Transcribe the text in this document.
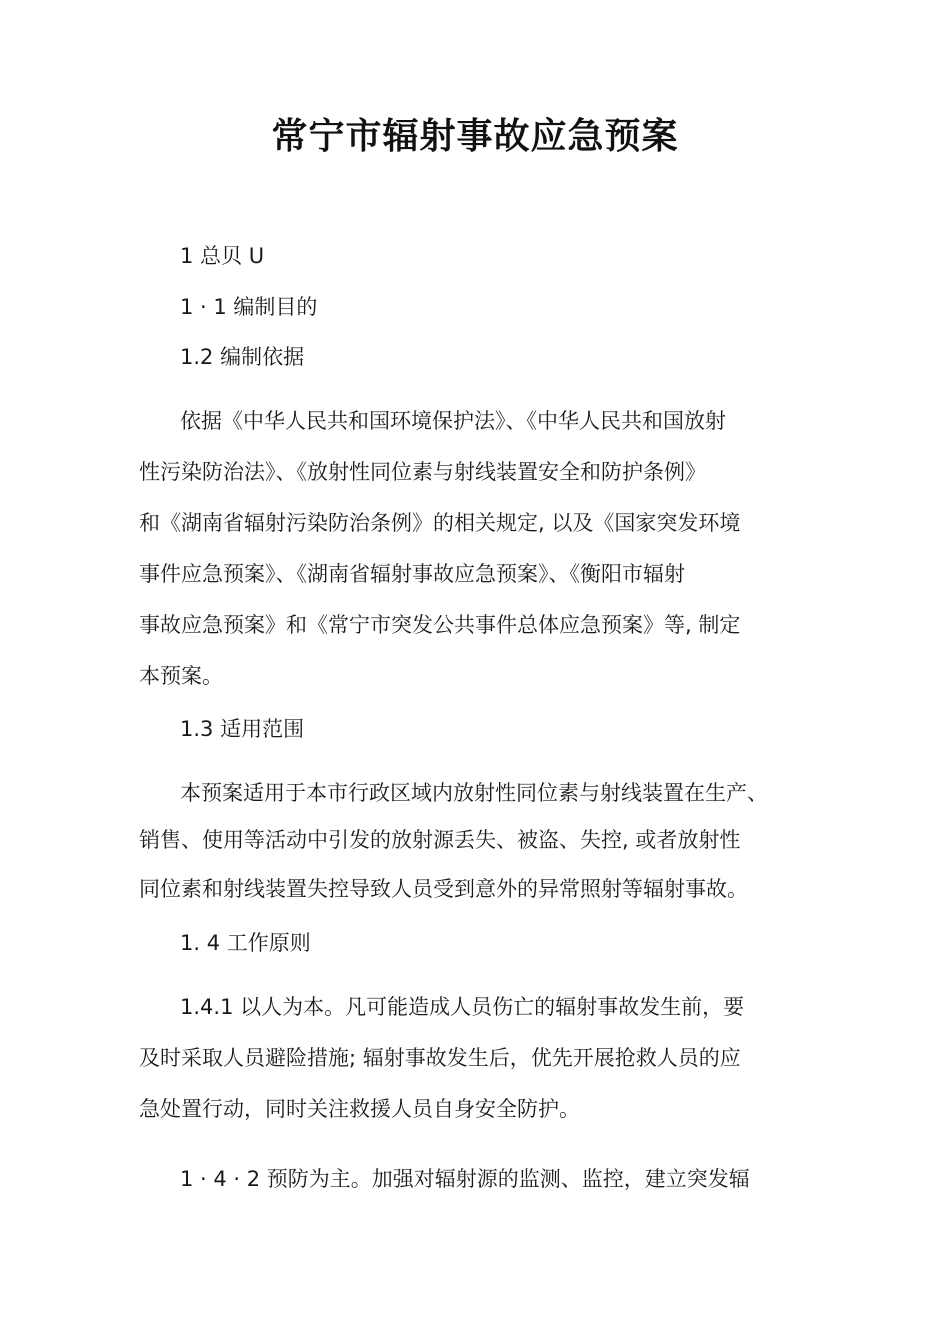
常宁市辐射事故应急预案
1 总贝 U
1 · 1 编制目的
1.2 编制依据
依据《中华人民共和国环境保护法》、《中华人民共和国放射
性污染防治法》、《放射性同位素与射线装置安全和防护条例》
和《湖南省辐射污染防治条例》的相关规定, 以及《国家突发环境
事件应急预案》、《湖南省辐射事故应急预案》、《衡阳市辐射
事故应急预案》和《常宁市突发公共事件总体应急预案》等, 制定
本预案。
1.3 适用范围
本预案适用于本市行政区域内放射性同位素与射线装置在生产、
销售、使用等活动中引发的放射源丢失、被盗、失控, 或者放射性
同位素和射线装置失控导致人员受到意外的异常照射等辐射事故。
1. 4 工作原则
1.4.1 以人为本。凡可能造成人员伤亡的辐射事故发生前，要
及时采取人员避险措施; 辐射事故发生后，优先开展抢救人员的应
急处置行动，同时关注救援人员自身安全防护。
1 · 4 · 2 预防为主。加强对辐射源的监测、监控，建立突发辐
